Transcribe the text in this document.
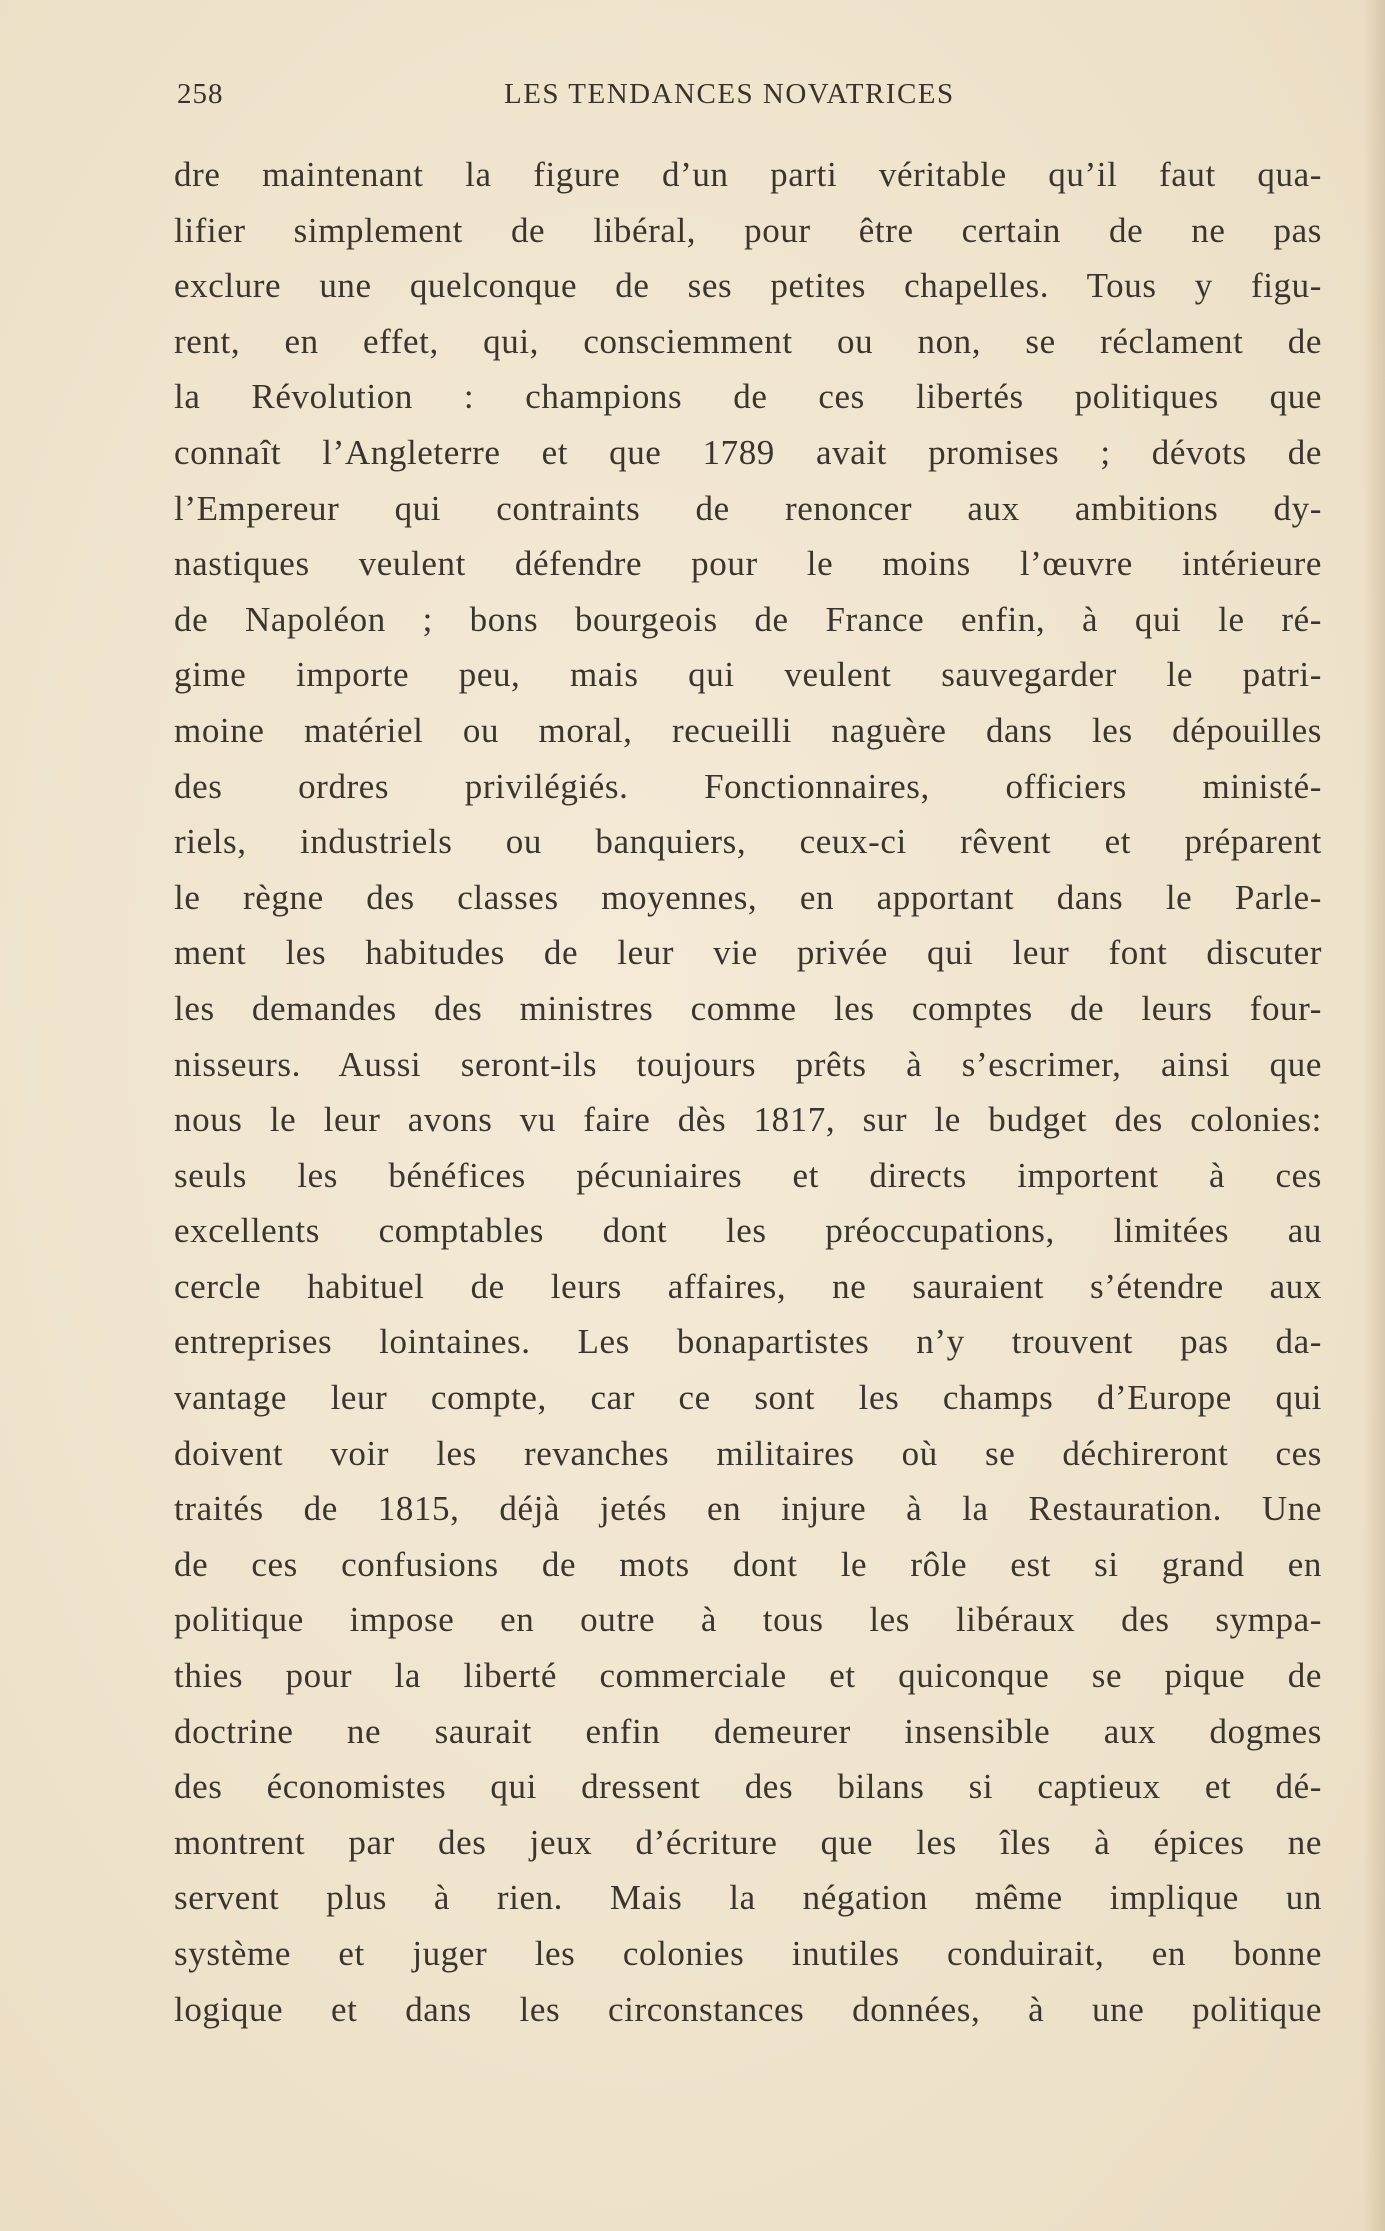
258	LES TENDANCES NOVATRICES
dre maintenant la figure d’un parti véritable qu’il faut qua-
lifier simplement de libéral, pour être certain de ne pas
exclure une quelconque de ses petites chapelles. Tous y figu-
rent, en effet, qui, consciemment ou non, se réclament de
la Révolution : champions de ces libertés politiques que
connaît l’Angleterre et que 1789 avait promises ; dévots de
l’Empereur qui contraints de renoncer aux ambitions dy-
nastiques veulent défendre pour le moins l’œuvre intérieure
de Napoléon ; bons bourgeois de France enfin, à qui le ré-
gime importe peu, mais qui veulent sauvegarder le patri-
moine matériel ou moral, recueilli naguère dans les dépouilles
des ordres privilégiés. Fonctionnaires, officiers ministé-
riels, industriels ou banquiers, ceux-ci rêvent et préparent
le règne des classes moyennes, en apportant dans le Parle-
ment les habitudes de leur vie privée qui leur font discuter
les demandes des ministres comme les comptes de leurs four-
nisseurs. Aussi seront-ils toujours prêts à s’escrimer, ainsi que
nous le leur avons vu faire dès 1817, sur le budget des colonies:
seuls les bénéfices pécuniaires et directs importent à ces
excellents comptables dont les préoccupations, limitées au
cercle habituel de leurs affaires, ne sauraient s’étendre aux
entreprises lointaines. Les bonapartistes n’y trouvent pas da-
vantage leur compte, car ce sont les champs d’Europe qui
doivent voir les revanches militaires où se déchireront ces
traités de 1815, déjà jetés en injure à la Restauration. Une
de ces confusions de mots dont le rôle est si grand en
politique impose en outre à tous les libéraux des sympa-
thies pour la liberté commerciale et quiconque se pique de
doctrine ne saurait enfin demeurer insensible aux dogmes
des économistes qui dressent des bilans si captieux et dé-
montrent par des jeux d’écriture que les îles à épices ne
servent plus à rien. Mais la négation même implique un
système et juger les colonies inutiles conduirait, en bonne
logique et dans les circonstances données, à une politique
